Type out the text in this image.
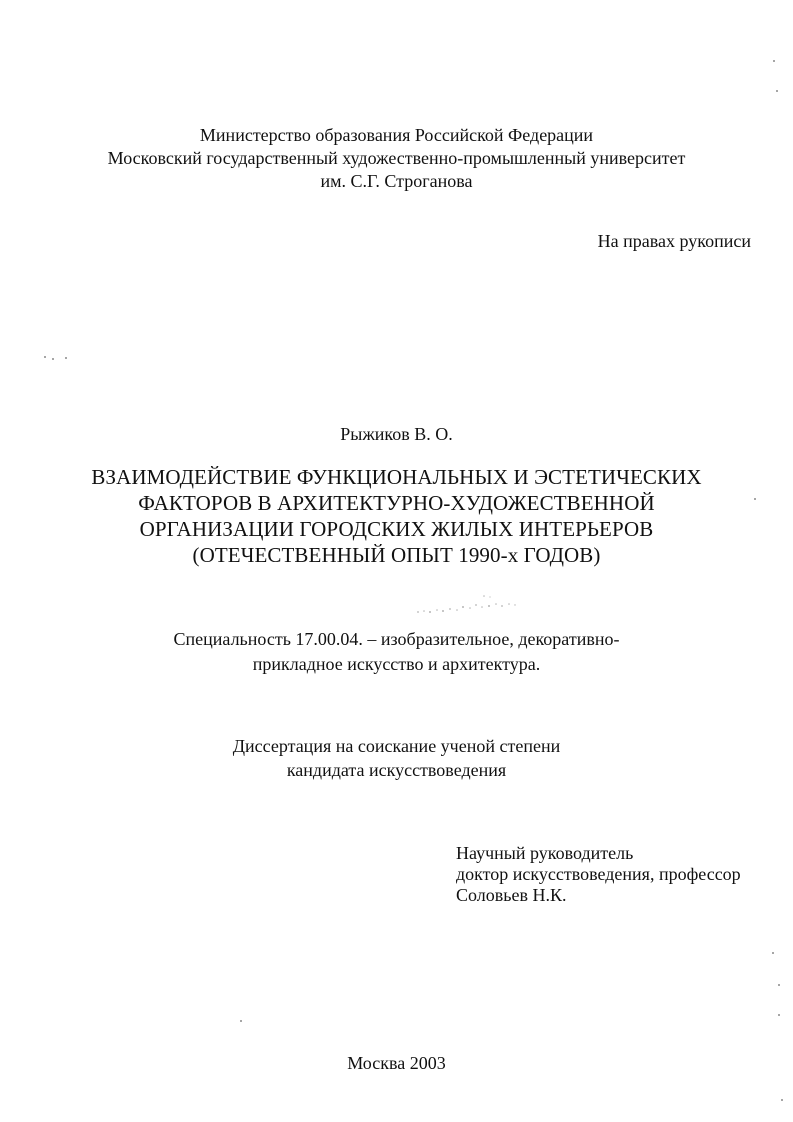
Министерство образования Российской Федерации
Московский государственный художественно-промышленный университет
им. С.Г. Строганова
На правах рукописи
Рыжиков В. О.
ВЗАИМОДЕЙСТВИЕ ФУНКЦИОНАЛЬНЫХ И ЭСТЕТИЧЕСКИХ
ФАКТОРОВ В АРХИТЕКТУРНО-ХУДОЖЕСТВЕННОЙ
ОРГАНИЗАЦИИ ГОРОДСКИХ ЖИЛЫХ ИНТЕРЬЕРОВ
(ОТЕЧЕСТВЕННЫЙ ОПЫТ 1990-х ГОДОВ)
Специальность 17.00.04. – изобразительное, декоративно-
прикладное искусство и архитектура.
Диссертация на соискание ученой степени
кандидата искусствоведения
Научный руководитель
доктор искусствоведения, профессор
Соловьев Н.К.
Москва 2003
